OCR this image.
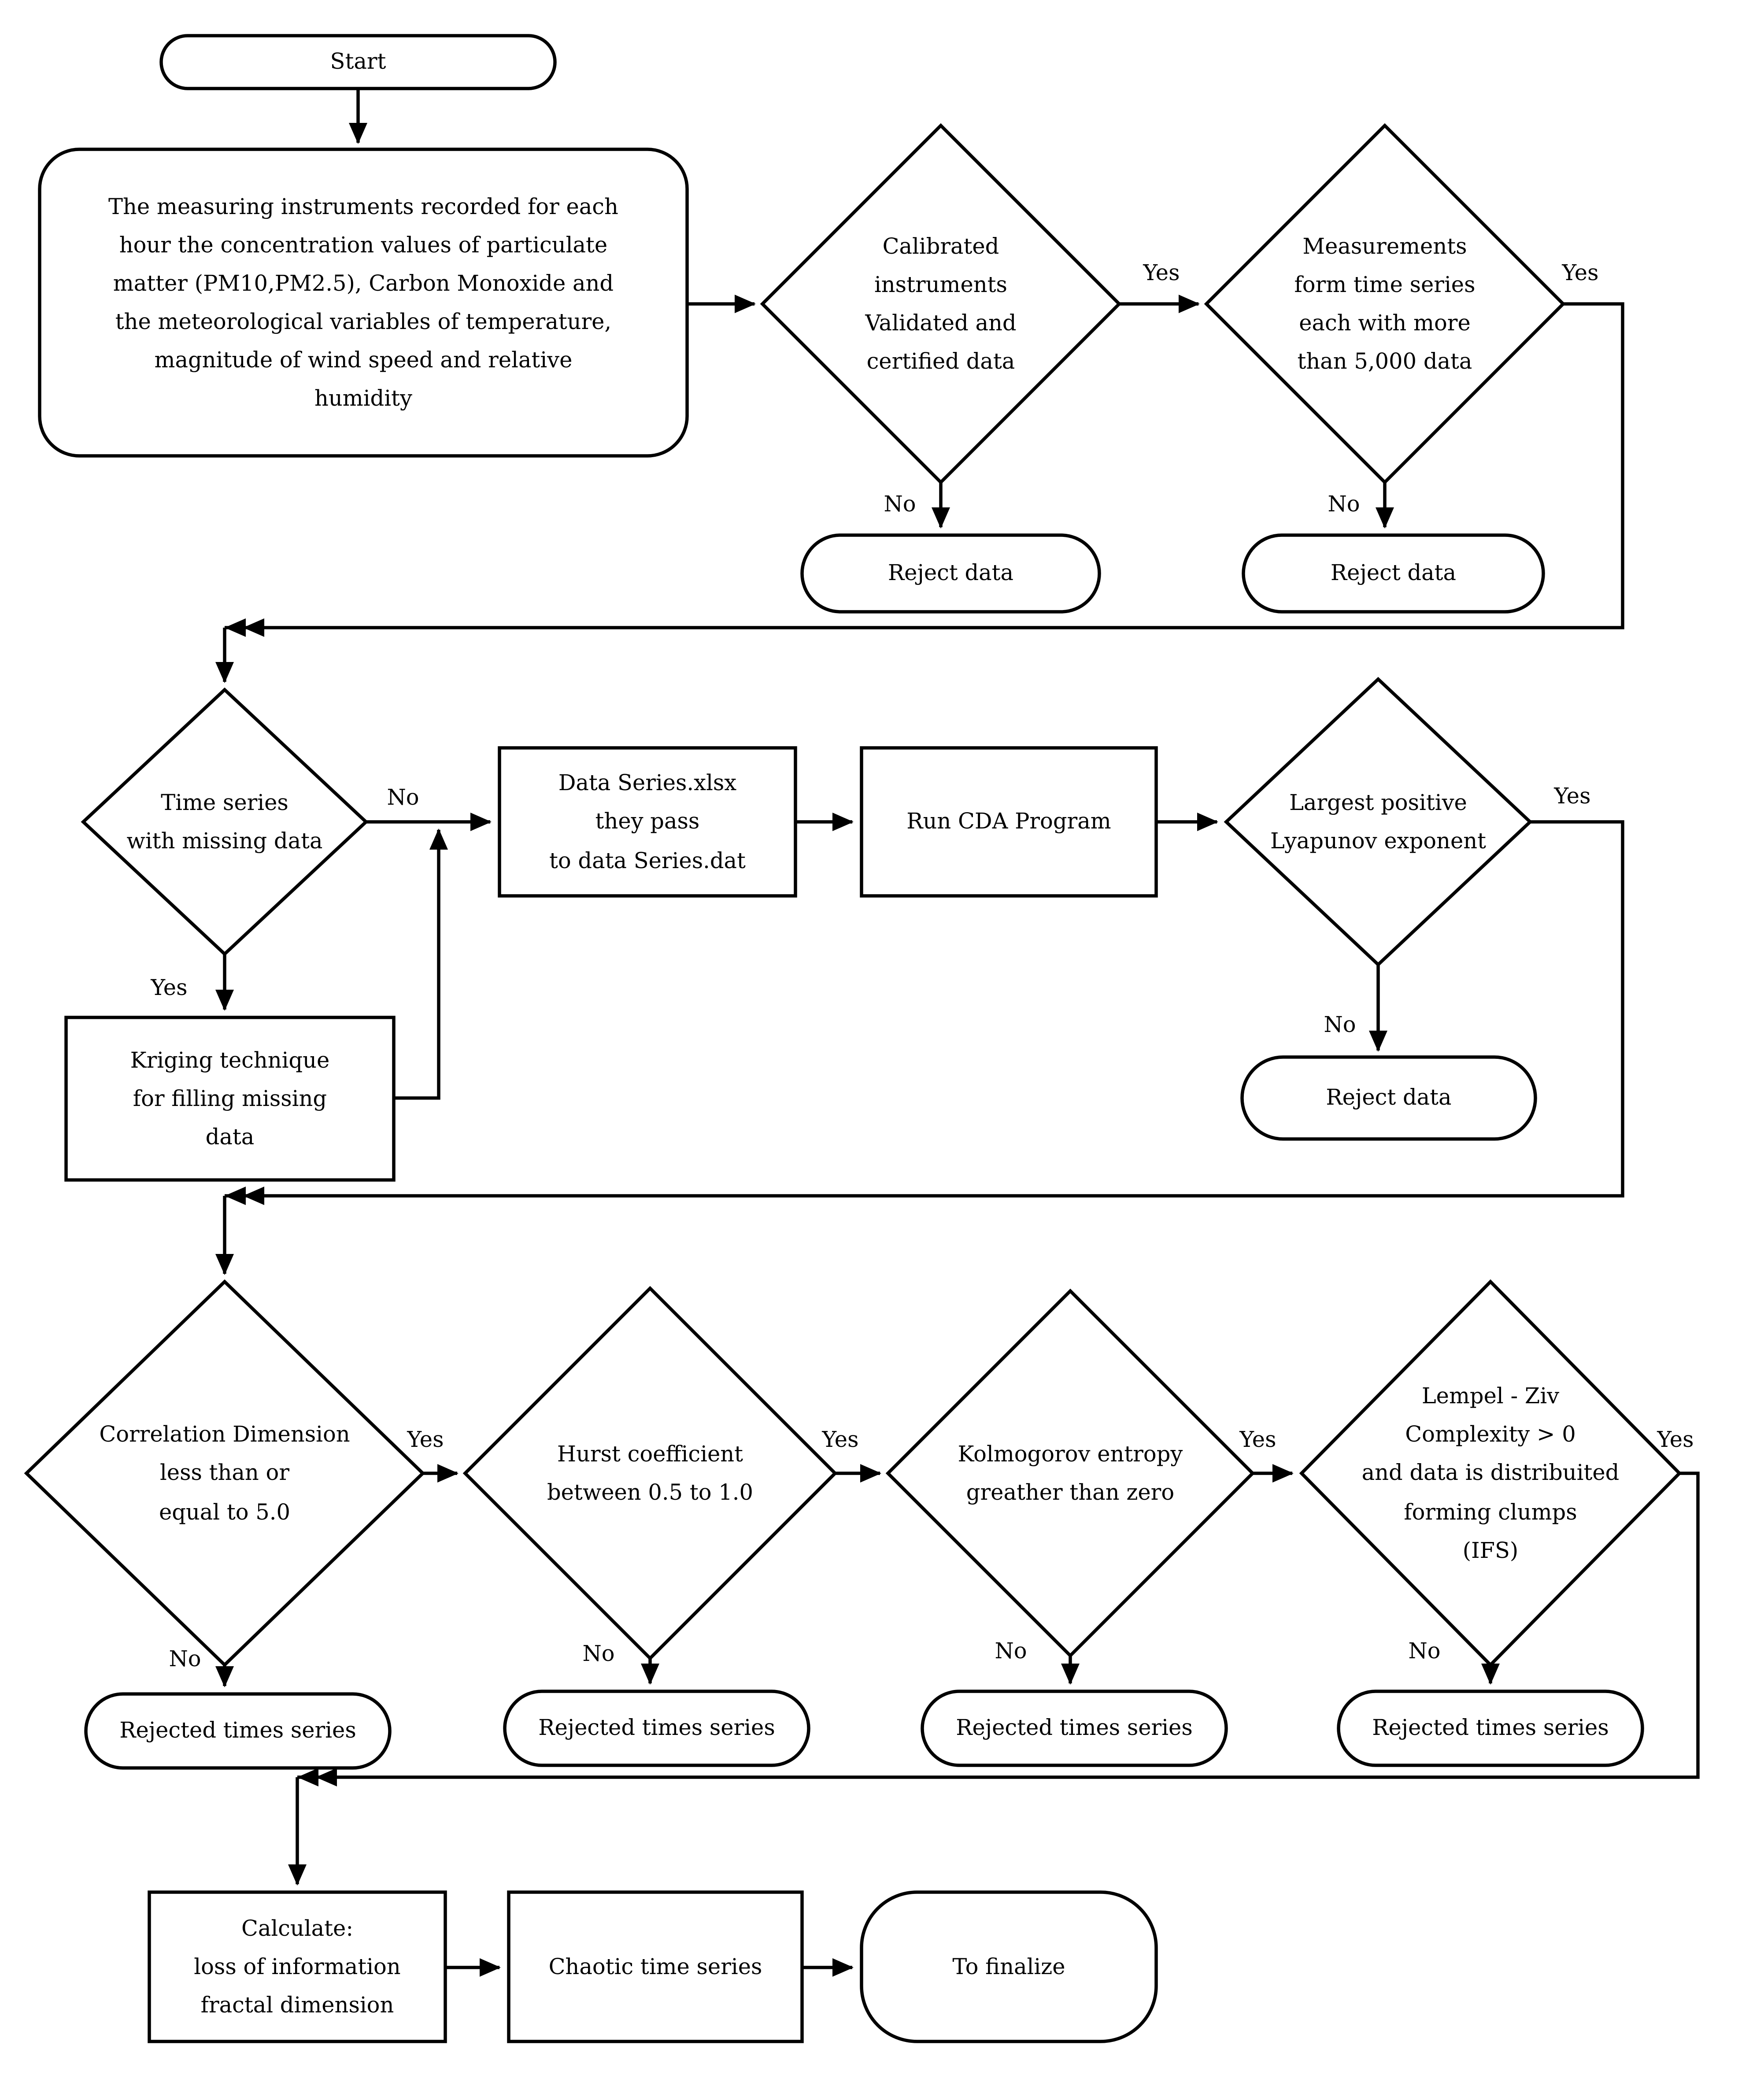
Start
The measuring instruments recorded for each
hour the concentration values of particulate
matter (PM10,PM2.5), Carbon Monoxide and
the meteorological variables of temperature,
magnitude of wind speed and relative
humidity
Calibrated
instruments
Validated and
certified data
Measurements
form time series
each with more
than 5,000 data
Reject data	Reject data
Time series
with missing data
Data Series.xlsx
they pass
to data Series.dat
Run CDA Program
Largest positive
Lyapunov exponent
Reject data
Kriging technique
for filling missing
data
Correlation Dimension
less than or
equal to 5.0
Hurst coefficient
between 0.5 to 1.0
Kolmogorov entropy
greather than zero
Lempel - Ziv
Complexity > 0
and data is distribuited
forming clumps
(IFS)
Rejected times series	Rejected times series	Rejected times series	Rejected times series
Calculate:
loss of information
fractal dimension
Chaotic time series	To finalize
Yes	Yes
No	No
No	Yes
Yes
No
Yes	Yes	Yes	Yes
No	No	No	No
